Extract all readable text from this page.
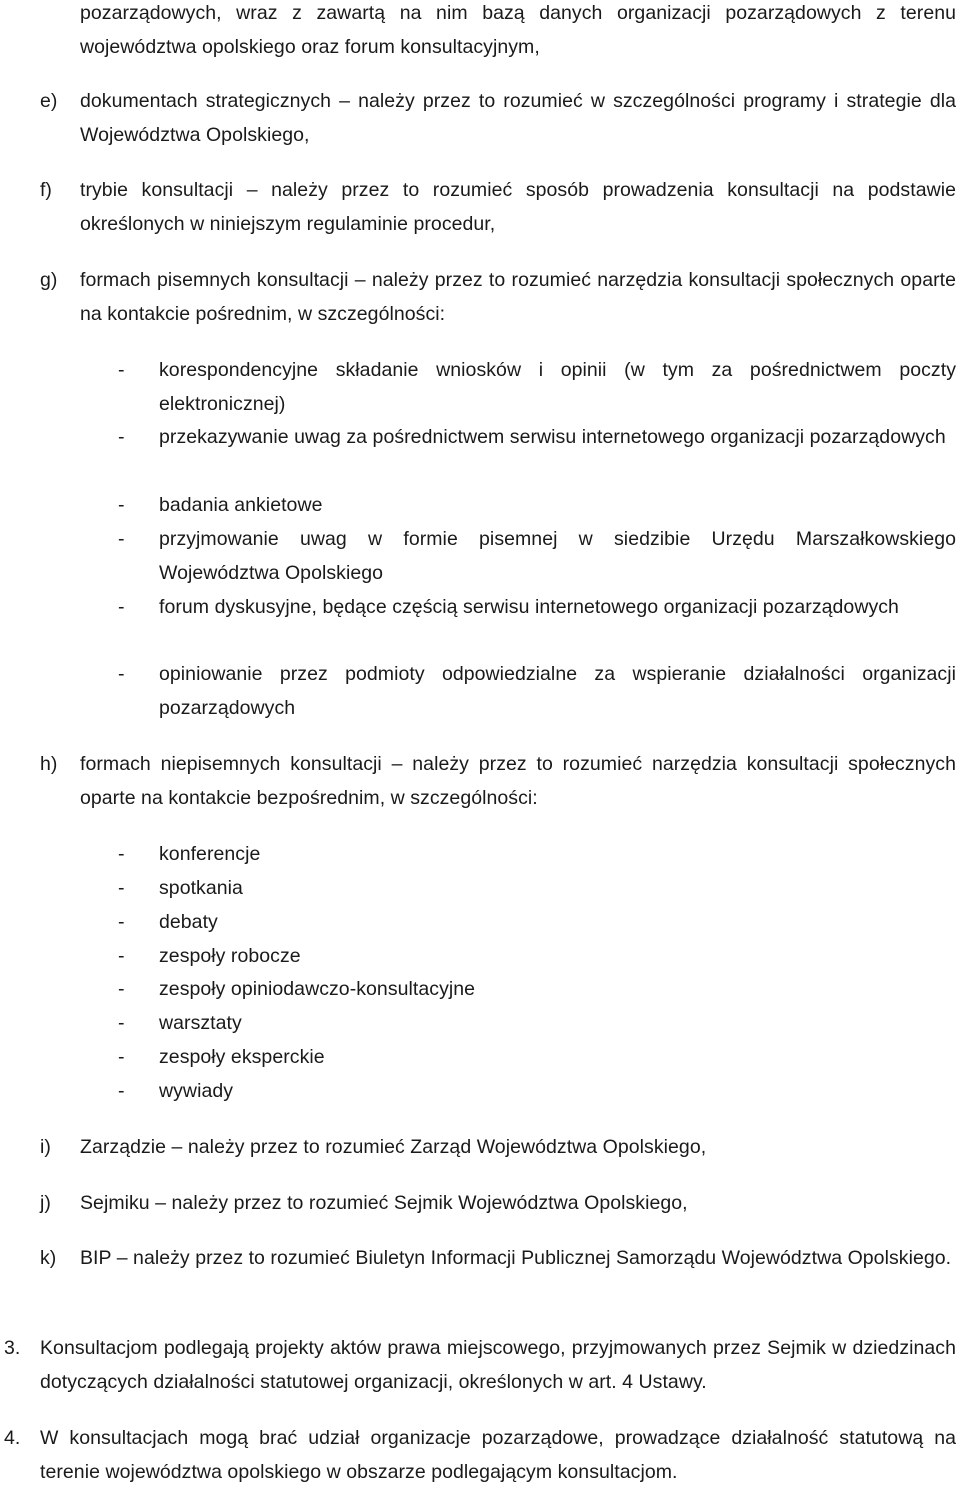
pozarządowych, wraz z zawartą na nim bazą danych organizacji pozarządowych z terenu województwa opolskiego oraz forum konsultacyjnym,

e) dokumentach strategicznych – należy przez to rozumieć w szczególności programy i strategie dla Województwa Opolskiego,

f) trybie konsultacji – należy przez to rozumieć sposób prowadzenia konsultacji na podstawie określonych w niniejszym regulaminie procedur,

g) formach pisemnych konsultacji – należy przez to rozumieć narzędzia konsultacji społecznych oparte na kontakcie pośrednim, w szczególności:

- korespondencyjne składanie wniosków i opinii (w tym za pośrednictwem poczty elektronicznej)

- przekazywanie uwag za pośrednictwem serwisu internetowego organizacji pozarządowych

- badania ankietowe

- przyjmowanie uwag w formie pisemnej w siedzibie Urzędu Marszałkowskiego Województwa Opolskiego

- forum dyskusyjne, będące częścią serwisu internetowego organizacji pozarządowych

- opiniowanie przez podmioty odpowiedzialne za wspieranie działalności organizacji pozarządowych

h) formach niepisemnych konsultacji – należy przez to rozumieć narzędzia konsultacji społecznych oparte na kontakcie bezpośrednim, w szczególności:

- konferencje

- spotkania

- debaty

- zespoły robocze

- zespoły opiniodawczo-konsultacyjne

- warsztaty

- zespoły eksperckie

- wywiady

i) Zarządzie – należy przez to rozumieć Zarząd Województwa Opolskiego,

j) Sejmiku – należy przez to rozumieć Sejmik Województwa Opolskiego,

k) BIP – należy przez to rozumieć Biuletyn Informacji Publicznej Samorządu Województwa Opolskiego.

3. Konsultacjom podlegają projekty aktów prawa miejscowego, przyjmowanych przez Sejmik w dziedzinach dotyczących działalności statutowej organizacji, określonych w art. 4 Ustawy.

4. W konsultacjach mogą brać udział organizacje pozarządowe, prowadzące działalność statutową na terenie województwa opolskiego w obszarze podlegającym konsultacjom.
